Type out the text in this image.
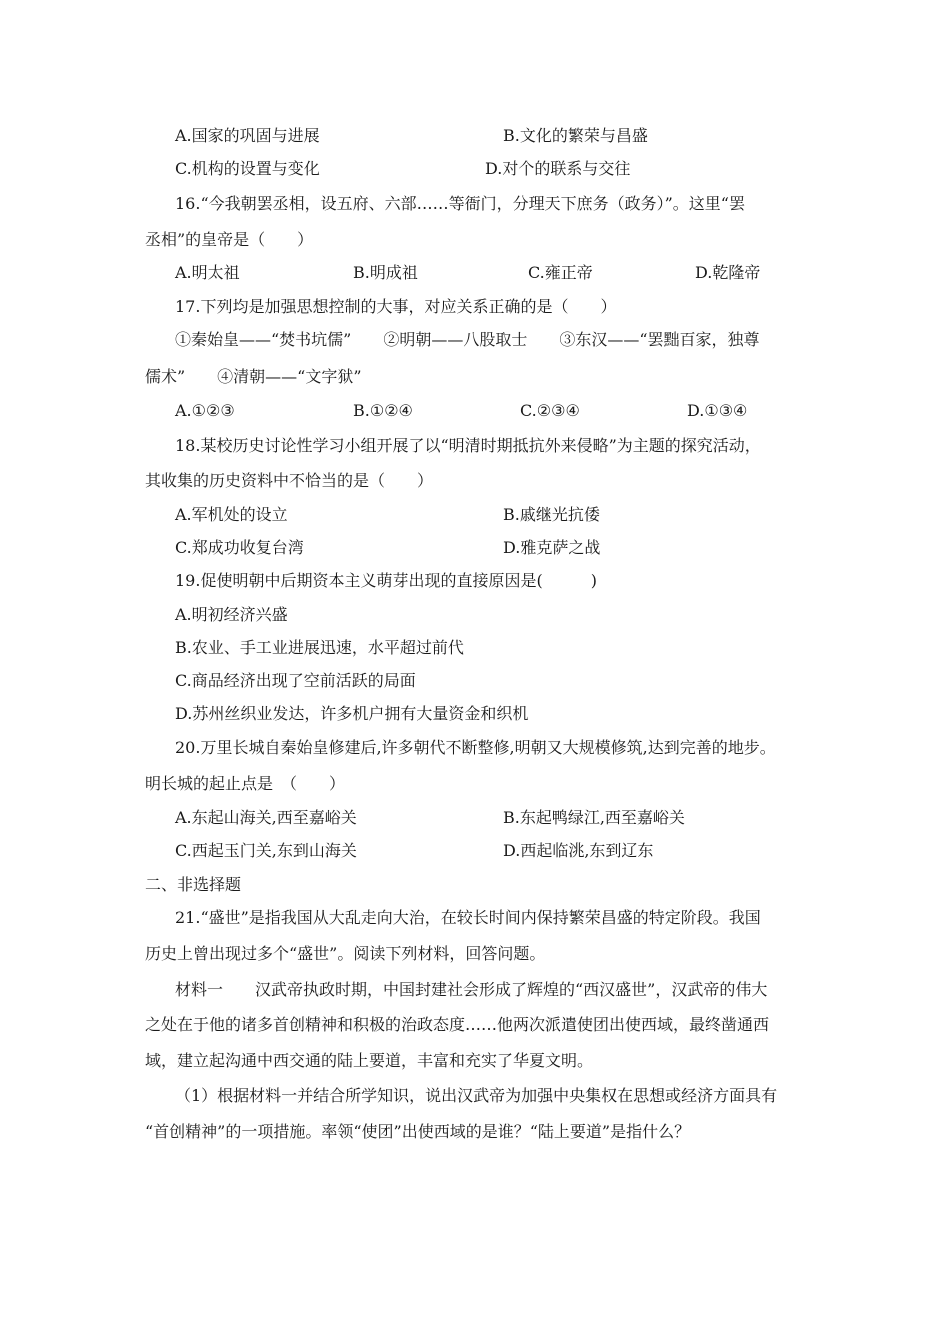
A.国家的巩固与进展	B.文化的繁荣与昌盛
C.机构的设置与变化	D.对个的联系与交往
16.“今我朝罢丞相，设五府、六部……等衙门，分理天下庶务（政务）”。这里“罢
丞相”的皇帝是（　　）
A.明太祖	B.明成祖	C.雍正帝	D.乾隆帝
17.下列均是加强思想控制的大事，对应关系正确的是（　　）
①秦始皇——“焚书坑儒”　　②明朝——八股取士　　③东汉——“罢黜百家，独尊
儒术”　　④清朝——“文字狱”
A.①②③	B.①②④	C.②③④	D.①③④
18.某校历史讨论性学习小组开展了以“明清时期抵抗外来侵略”为主题的探究活动，
其收集的历史资料中不恰当的是（　　）
A.军机处的设立	B.戚继光抗倭
C.郑成功收复台湾	D.雅克萨之战
19.促使明朝中后期资本主义萌芽出现的直接原因是(　　　)
A.明初经济兴盛
B.农业、手工业进展迅速，水平超过前代
C.商品经济出现了空前活跃的局面
D.苏州丝织业发达，许多机户拥有大量资金和织机
20.万里长城自秦始皇修建后,许多朝代不断整修,明朝又大规模修筑,达到完善的地步。
明长城的起止点是　（　　）
A.东起山海关,西至嘉峪关	B.东起鸭绿江,西至嘉峪关
C.西起玉门关,东到山海关	D.西起临洮,东到辽东
二、非选择题
21.“盛世”是指我国从大乱走向大治，在较长时间内保持繁荣昌盛的特定阶段。我国
历史上曾出现过多个“盛世”。阅读下列材料，回答问题。
材料一　　汉武帝执政时期，中国封建社会形成了辉煌的“西汉盛世”，汉武帝的伟大
之处在于他的诸多首创精神和积极的治政态度……他两次派遣使团出使西域，最终凿通西
域，建立起沟通中西交通的陆上要道，丰富和充实了华夏文明。
（1）根据材料一并结合所学知识，说出汉武帝为加强中央集权在思想或经济方面具有
“首创精神”的一项措施。率领“使团”出使西域的是谁？“陆上要道”是指什么？
